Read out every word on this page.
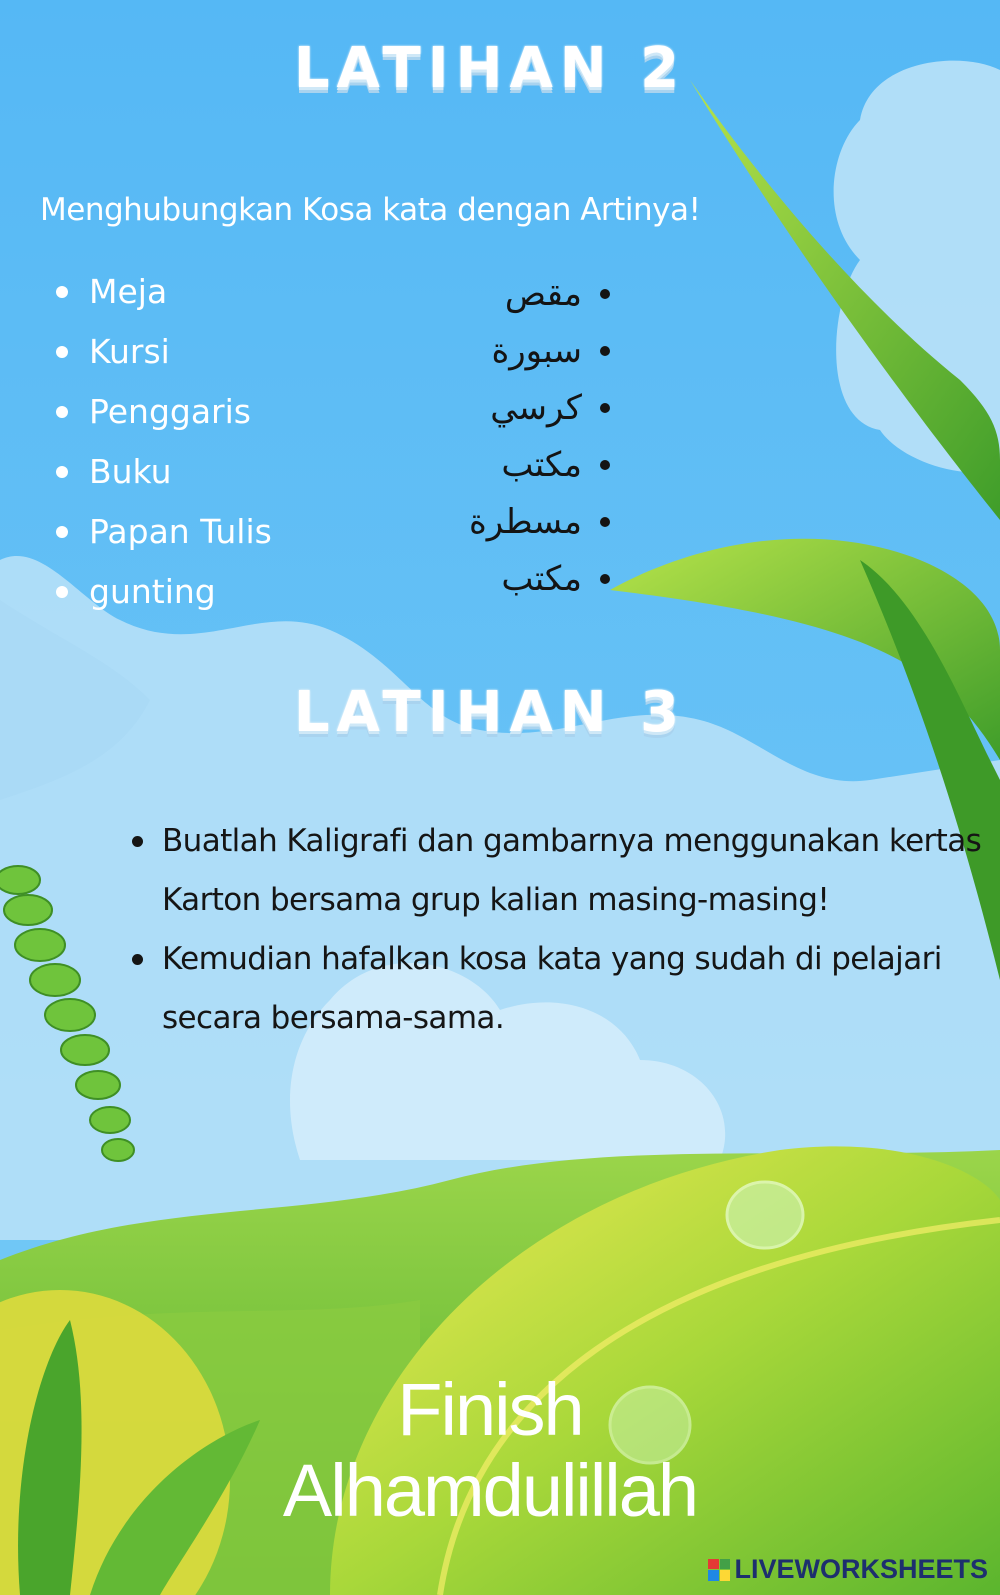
LATIHAN 2
Menghubungkan Kosa kata dengan Artinya!
Meja
Kursi
Penggaris
Buku
Papan Tulis
gunting
مقص
سبورة
كرسي
مكتب
مسطرة
مكتب
LATIHAN 3
Buatlah Kaligrafi dan gambarnya menggunakan kertas Karton bersama grup kalian masing-masing!
Kemudian hafalkan kosa kata yang sudah di pelajari secara bersama-sama.
Finish
Alhamdulillah
LIVEWORKSHEETS
